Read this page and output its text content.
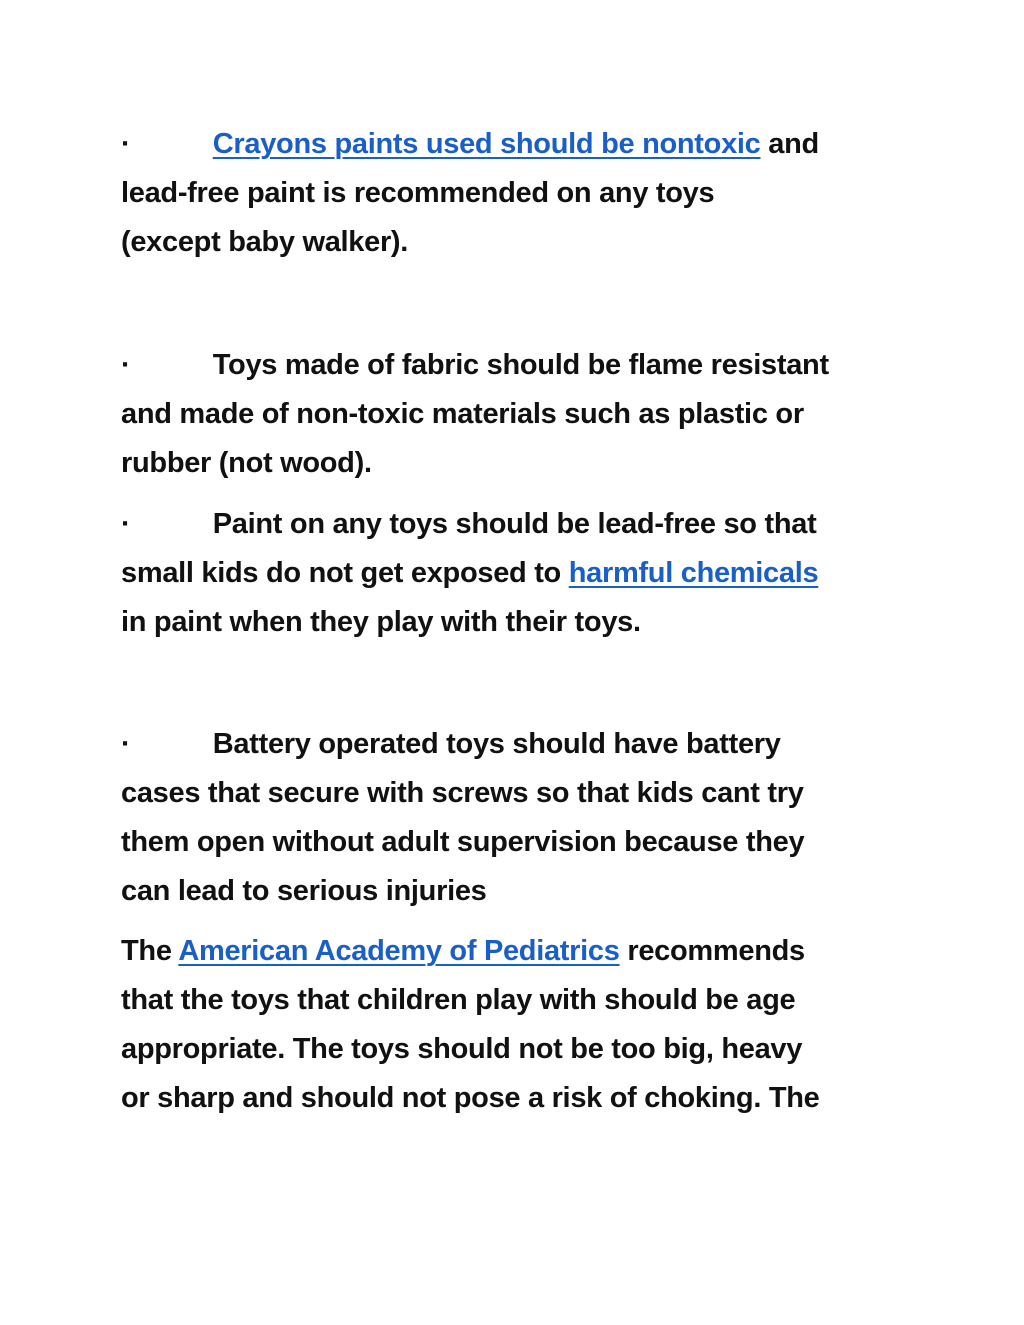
·	Crayons paints used should be nontoxic and
lead-free paint is recommended on any toys
(except baby walker).
·	Toys made of fabric should be flame resistant
and made of non-toxic materials such as plastic or
rubber (not wood).
·	Paint on any toys should be lead-free so that
small kids do not get exposed to harmful chemicals
in paint when they play with their toys.
·	Battery operated toys should have battery
cases that secure with screws so that kids cant try
them open without adult supervision because they
can lead to serious injuries
The American Academy of Pediatrics recommends
that the toys that children play with should be age
appropriate. The toys should not be too big, heavy
or sharp and should not pose a risk of choking. The
